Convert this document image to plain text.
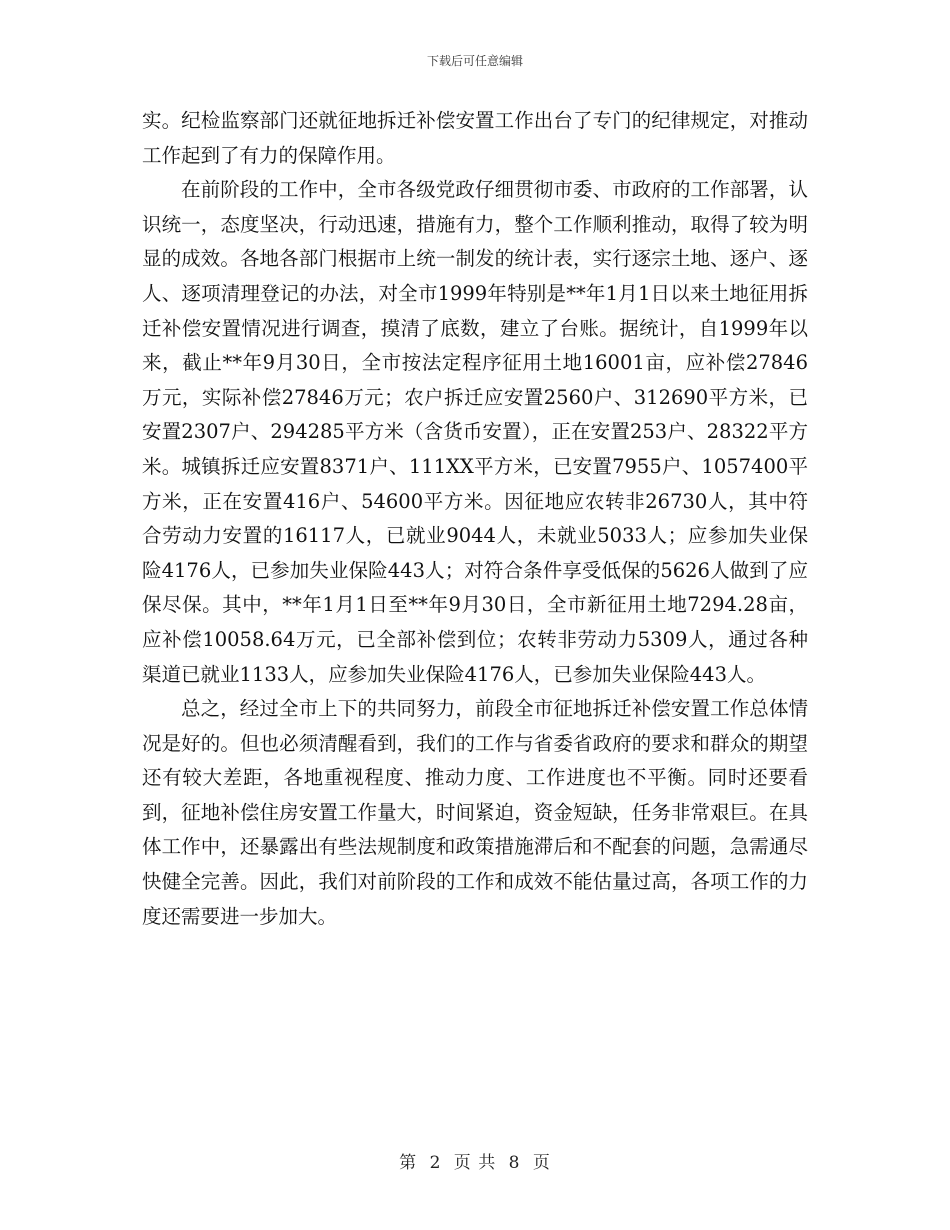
下载后可任意编辑

实。纪检监察部门还就征地拆迁补偿安置工作出台了专门的纪律规定，对推动工作起到了有力的保障作用。

在前阶段的工作中，全市各级党政仔细贯彻市委、市政府的工作部署，认识统一，态度坚决，行动迅速，措施有力，整个工作顺利推动，取得了较为明显的成效。各地各部门根据市上统一制发的统计表，实行逐宗土地、逐户、逐人、逐项清理登记的办法，对全市1999年特别是**年1月1日以来土地征用拆迁补偿安置情况进行调查，摸清了底数，建立了台账。据统计，自1999年以来，截止**年9月30日，全市按法定程序征用土地16001亩，应补偿27846万元，实际补偿27846万元；农户拆迁应安置2560户、312690平方米，已安置2307户、294285平方米（含货币安置），正在安置253户、28322平方米。城镇拆迁应安置8371户、111XX平方米，已安置7955户、1057400平方米，正在安置416户、54600平方米。因征地应农转非26730人，其中符合劳动力安置的16117人，已就业9044人，未就业5033人；应参加失业保险4176人，已参加失业保险443人；对符合条件享受低保的5626人做到了应保尽保。其中，**年1月1日至**年9月30日，全市新征用土地7294.28亩，应补偿10058.64万元，已全部补偿到位；农转非劳动力5309人，通过各种渠道已就业1133人，应参加失业保险4176人，已参加失业保险443人。

总之，经过全市上下的共同努力，前段全市征地拆迁补偿安置工作总体情况是好的。但也必须清醒看到，我们的工作与省委省政府的要求和群众的期望还有较大差距，各地重视程度、推动力度、工作进度也不平衡。同时还要看到，征地补偿住房安置工作量大，时间紧迫，资金短缺，任务非常艰巨。在具体工作中，还暴露出有些法规制度和政策措施滞后和不配套的问题，急需通尽快健全完善。因此，我们对前阶段的工作和成效不能估量过高，各项工作的力度还需要进一步加大。

第 2 页 共 8 页
